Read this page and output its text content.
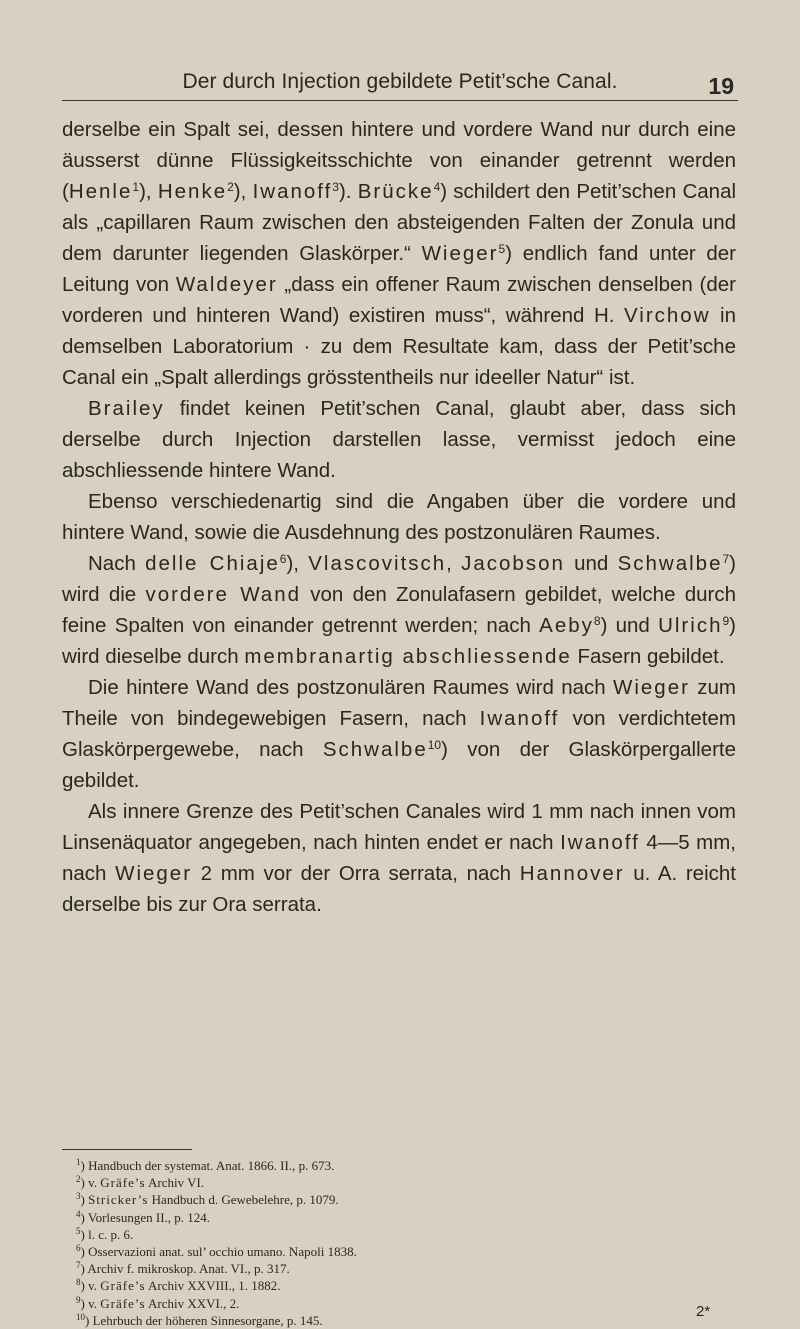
Der durch Injection gebildete Petit’sche Canal.	19

derselbe ein Spalt sei, dessen hintere und vordere Wand nur durch eine äusserst dünne Flüssigkeitsschichte von einander getrennt werden (Henle$^1$), Henke$^2$), Iwanoff$^3$). Brücke$^4$) schildert den Petit’schen Canal als „capillaren Raum zwischen den absteigenden Falten der Zonula und dem darunter liegenden Glaskörper.“ Wieger$^5$) endlich fand unter der Leitung von Waldeyer „dass ein offener Raum zwischen denselben (der vorderen und hinteren Wand) existiren muss“, während H. Virchow in demselben Laboratorium · zu dem Resultate kam, dass der Petit’sche Canal ein „Spalt allerdings grösstentheils nur ideeller Natur“ ist.

Brailey findet keinen Petit’schen Canal, glaubt aber, dass sich derselbe durch Injection darstellen lasse, vermisst jedoch eine abschliessende hintere Wand.

Ebenso verschiedenartig sind die Angaben über die vordere und hintere Wand, sowie die Ausdehnung des postzonulären Raumes.

Nach delle Chiaje$^6$), Vlascovitsch, Jacobson und Schwalbe$^7$) wird die vordere Wand von den Zonulafasern gebildet, welche durch feine Spalten von einander getrennt werden; nach Aeby$^8$) und Ulrich$^9$) wird dieselbe durch membranartig abschliessende Fasern gebildet.

Die hintere Wand des postzonulären Raumes wird nach Wieger zum Theile von bindegewebigen Fasern, nach Iwanoff von verdichtetem Glaskörpergewebe, nach Schwalbe$^{10}$) von der Glaskörpergallerte gebildet.

Als innere Grenze des Petit’schen Canales wird 1 mm nach innen vom Linsenäquator angegeben, nach hinten endet er nach Iwanoff 4—5 mm, nach Wieger 2 mm vor der Orra serrata, nach Hannover u. A. reicht derselbe bis zur Ora serrata.

$^1$) Handbuch der systemat. Anat. 1866. II., p. 673.

$^2$) v. Gräfe’s Archiv VI.

$^3$) Stricker’s Handbuch d. Gewebelehre, p. 1079.

$^4$) Vorlesungen II., p. 124.

$^5$) l. c. p. 6.

$^6$) Osservazioni anat. sul’ occhio umano. Napoli 1838.

$^7$) Archiv f. mikroskop. Anat. VI., p. 317.

$^8$) v. Gräfe’s Archiv XXVIII., 1. 1882.

$^9$) v. Gräfe’s Archiv XXVI., 2.

$^{10}$) Lehrbuch der höheren Sinnesorgane, p. 145.

2*
